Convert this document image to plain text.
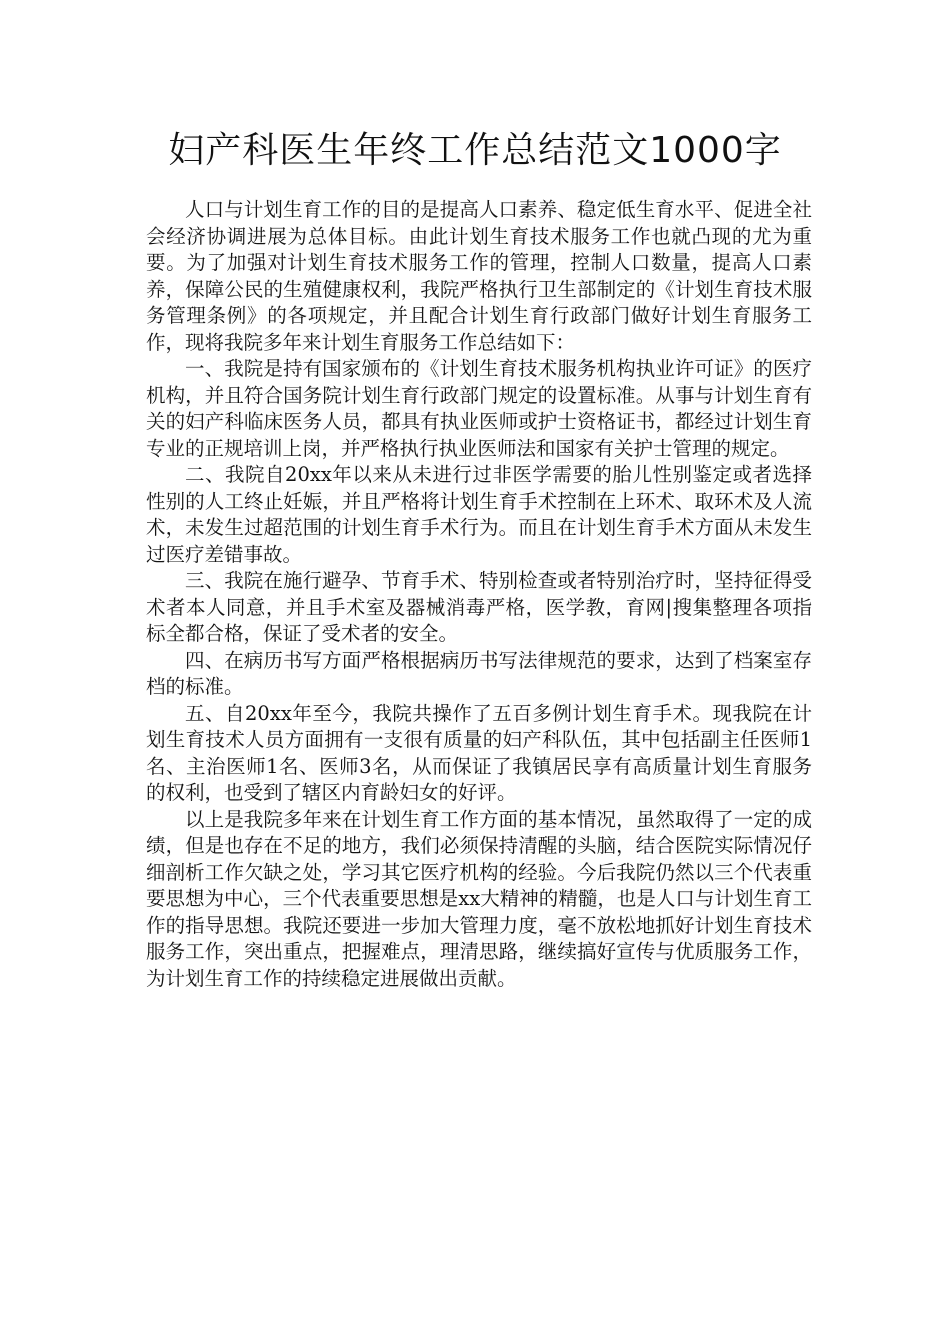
妇产科医生年终工作总结范文1000字

人口与计划生育工作的目的是提高人口素养、稳定低生育水平、促进全社会经济协调进展为总体目标。由此计划生育技术服务工作也就凸现的尤为重要。为了加强对计划生育技术服务工作的管理，控制人口数量，提高人口素养，保障公民的生殖健康权利，我院严格执行卫生部制定的《计划生育技术服务管理条例》的各项规定，并且配合计划生育行政部门做好计划生育服务工作，现将我院多年来计划生育服务工作总结如下：

一、我院是持有国家颁布的《计划生育技术服务机构执业许可证》的医疗机构，并且符合国务院计划生育行政部门规定的设置标准。从事与计划生育有关的妇产科临床医务人员，都具有执业医师或护士资格证书，都经过计划生育专业的正规培训上岗，并严格执行执业医师法和国家有关护士管理的规定。

二、我院自20xx年以来从未进行过非医学需要的胎儿性别鉴定或者选择性别的人工终止妊娠，并且严格将计划生育手术控制在上环术、取环术及人流术，未发生过超范围的计划生育手术行为。而且在计划生育手术方面从未发生过医疗差错事故。

三、我院在施行避孕、节育手术、特别检查或者特别治疗时，坚持征得受术者本人同意，并且手术室及器械消毒严格，医学教，育网|搜集整理各项指标全都合格，保证了受术者的安全。

四、在病历书写方面严格根据病历书写法律规范的要求，达到了档案室存档的标准。

五、自20xx年至今，我院共操作了五百多例计划生育手术。现我院在计划生育技术人员方面拥有一支很有质量的妇产科队伍，其中包括副主任医师1名、主治医师1名、医师3名，从而保证了我镇居民享有高质量计划生育服务的权利，也受到了辖区内育龄妇女的好评。

以上是我院多年来在计划生育工作方面的基本情况，虽然取得了一定的成绩，但是也存在不足的地方，我们必须保持清醒的头脑，结合医院实际情况仔细剖析工作欠缺之处，学习其它医疗机构的经验。今后我院仍然以三个代表重要思想为中心，三个代表重要思想是xx大精神的精髓，也是人口与计划生育工作的指导思想。我院还要进一步加大管理力度，毫不放松地抓好计划生育技术服务工作，突出重点，把握难点，理清思路，继续搞好宣传与优质服务工作，为计划生育工作的持续稳定进展做出贡献。
